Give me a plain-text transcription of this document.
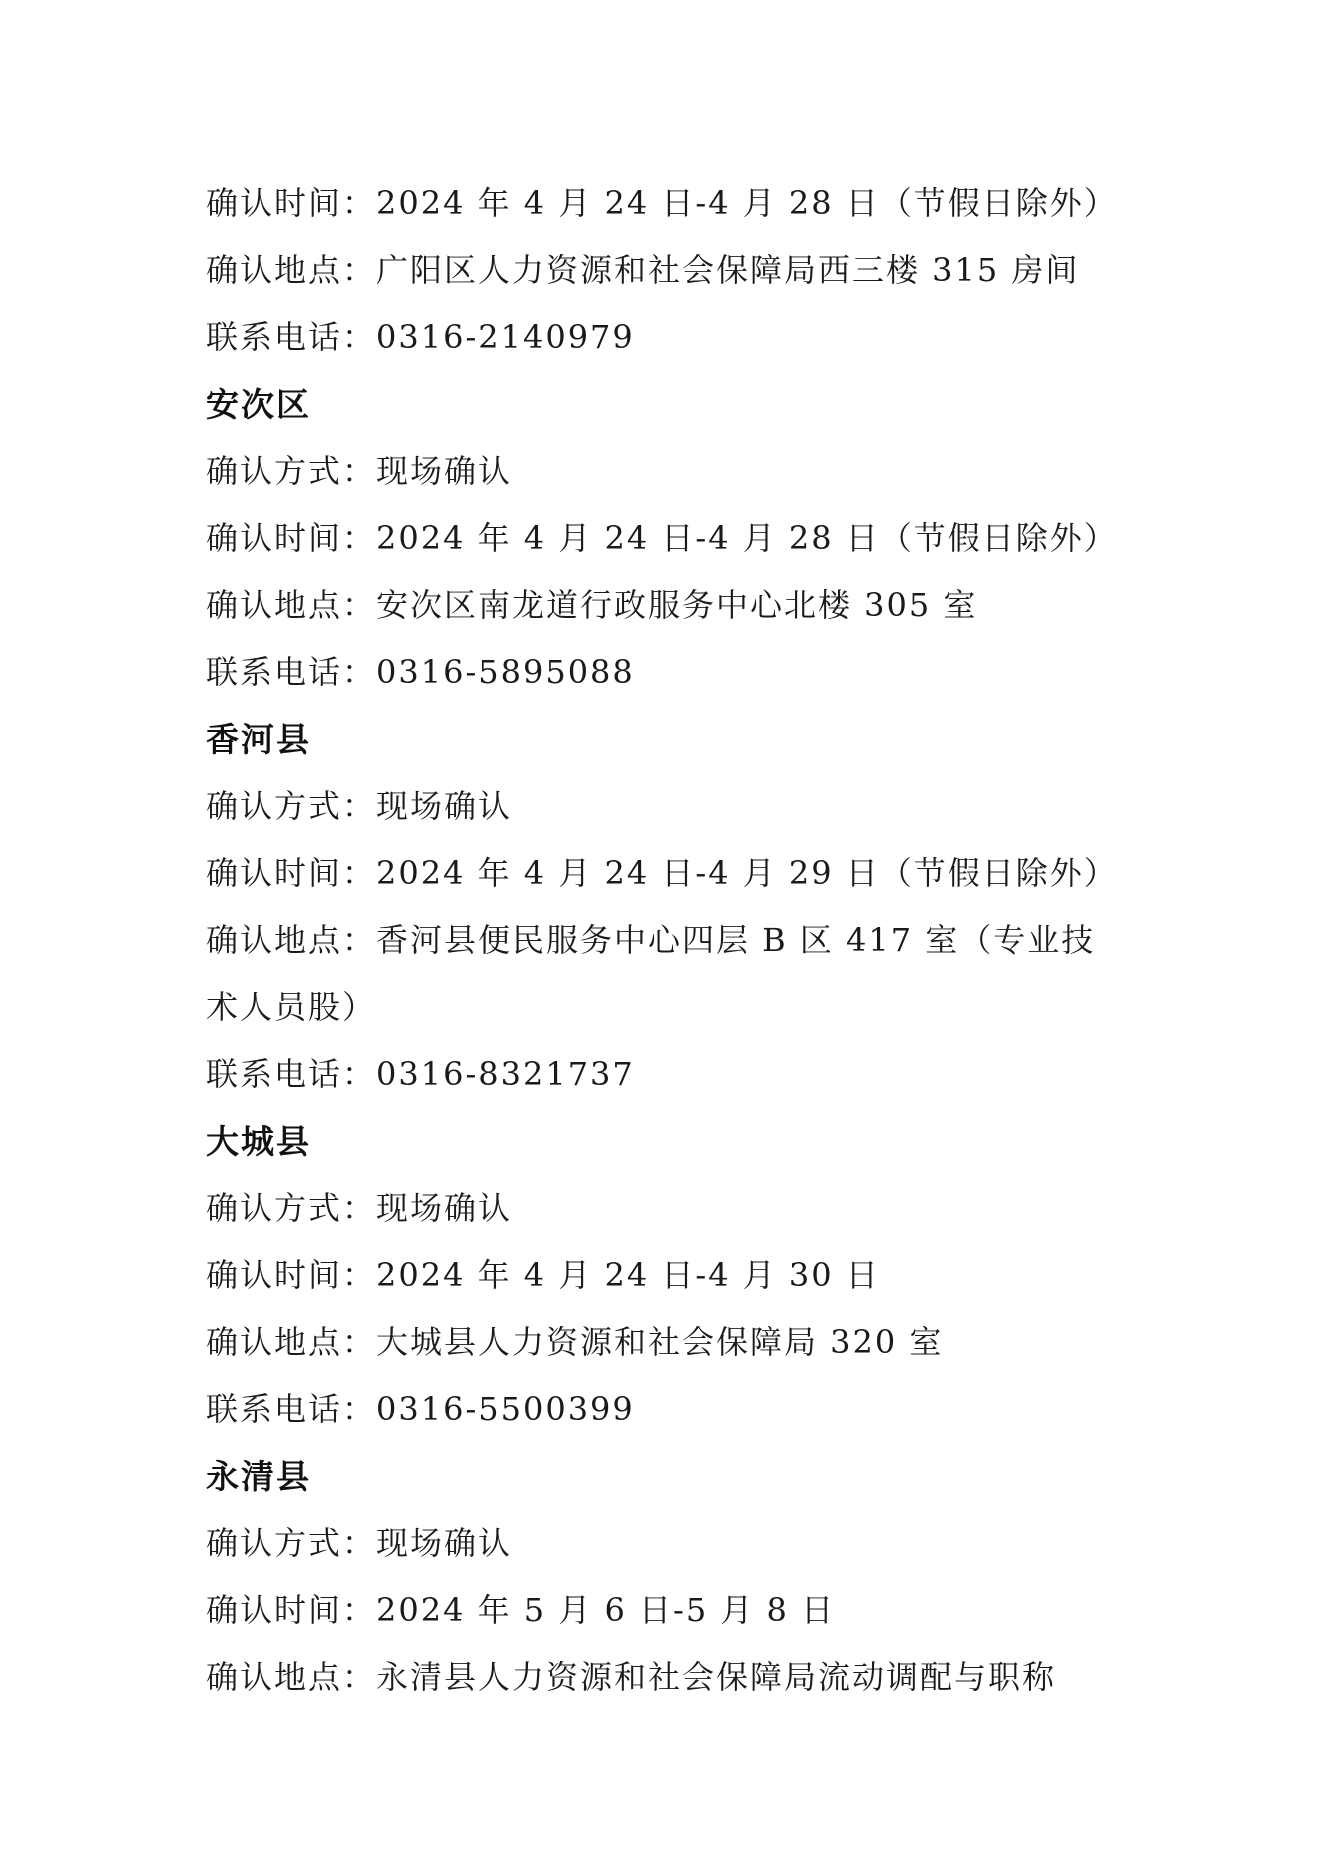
确认时间：2024 年 4 月 24 日-4 月 28 日（节假日除外）
确认地点：广阳区人力资源和社会保障局西三楼 315 房间
联系电话：0316-2140979
安次区
确认方式：现场确认
确认时间：2024 年 4 月 24 日-4 月 28 日（节假日除外）
确认地点：安次区南龙道行政服务中心北楼 305 室
联系电话：0316-5895088
香河县
确认方式：现场确认
确认时间：2024 年 4 月 24 日-4 月 29 日（节假日除外）
确认地点：香河县便民服务中心四层 B 区 417 室（专业技
术人员股）
联系电话：0316-8321737
大城县
确认方式：现场确认
确认时间：2024 年 4 月 24 日-4 月 30 日
确认地点：大城县人力资源和社会保障局 320 室
联系电话：0316-5500399
永清县
确认方式：现场确认
确认时间：2024 年 5 月 6 日-5 月 8 日
确认地点：永清县人力资源和社会保障局流动调配与职称
